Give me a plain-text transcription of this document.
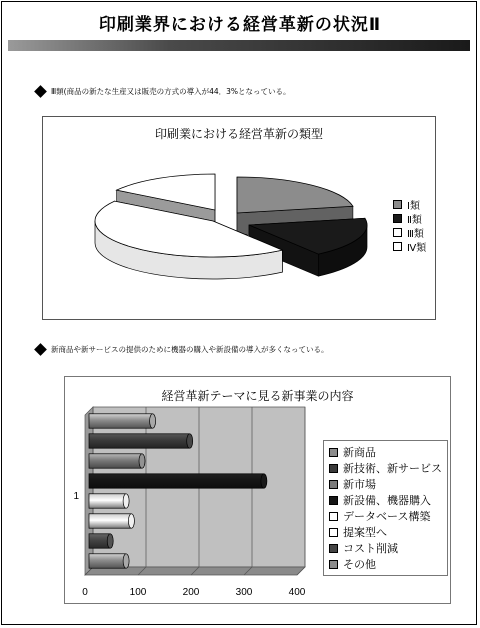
印刷業界における経営革新の状況Ⅱ
Ⅲ類(商品の新たな生産又は販売の方式の導入が44．3%となっている。
印刷業における経営革新の類型
Ⅰ類
Ⅱ類
Ⅲ類
Ⅳ類
新商品や新サービスの提供のために機器の購入や新設備の導入が多くなっている。
経営革新テーマに見る新事業の内容
0	100	200	300	400
1
新商品
新技術、新サービス
新市場
新設備、機器購入
データベース構築
提案型へ
コスト削減
その他
